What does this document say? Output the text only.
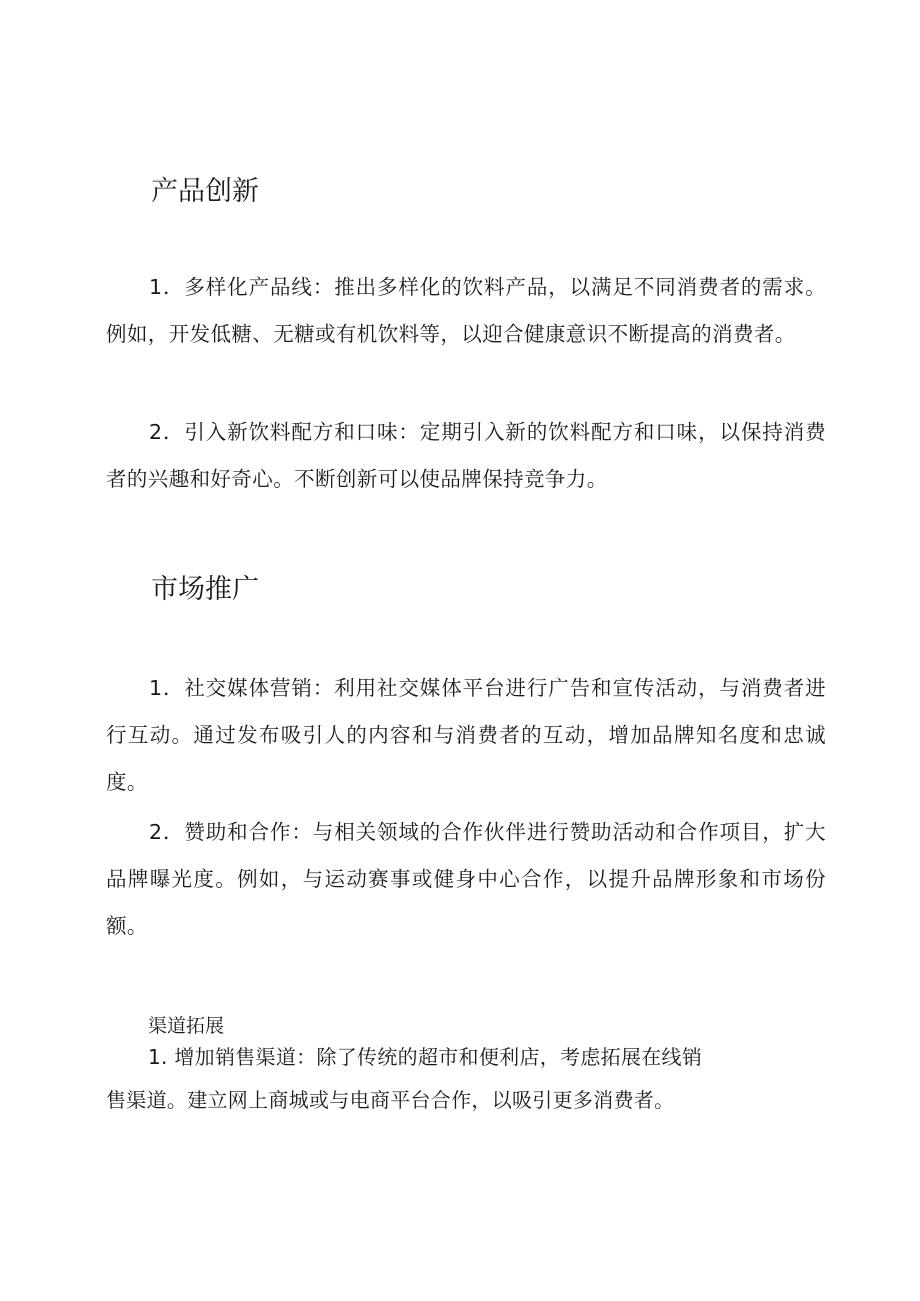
产品创新

1．多样化产品线：推出多样化的饮料产品，以满足不同消费者的需求。例如，开发低糖、无糖或有机饮料等，以迎合健康意识不断提高的消费者。

2．引入新饮料配方和口味：定期引入新的饮料配方和口味，以保持消费者的兴趣和好奇心。不断创新可以使品牌保持竞争力。

市场推广

1．社交媒体营销：利用社交媒体平台进行广告和宣传活动，与消费者进行互动。通过发布吸引人的内容和与消费者的互动，增加品牌知名度和忠诚度。

2．赞助和合作：与相关领域的合作伙伴进行赞助活动和合作项目，扩大品牌曝光度。例如，与运动赛事或健身中心合作，以提升品牌形象和市场份额。

渠道拓展

1. 增加销售渠道：除了传统的超市和便利店，考虑拓展在线销

售渠道。建立网上商城或与电商平台合作，以吸引更多消费者。
